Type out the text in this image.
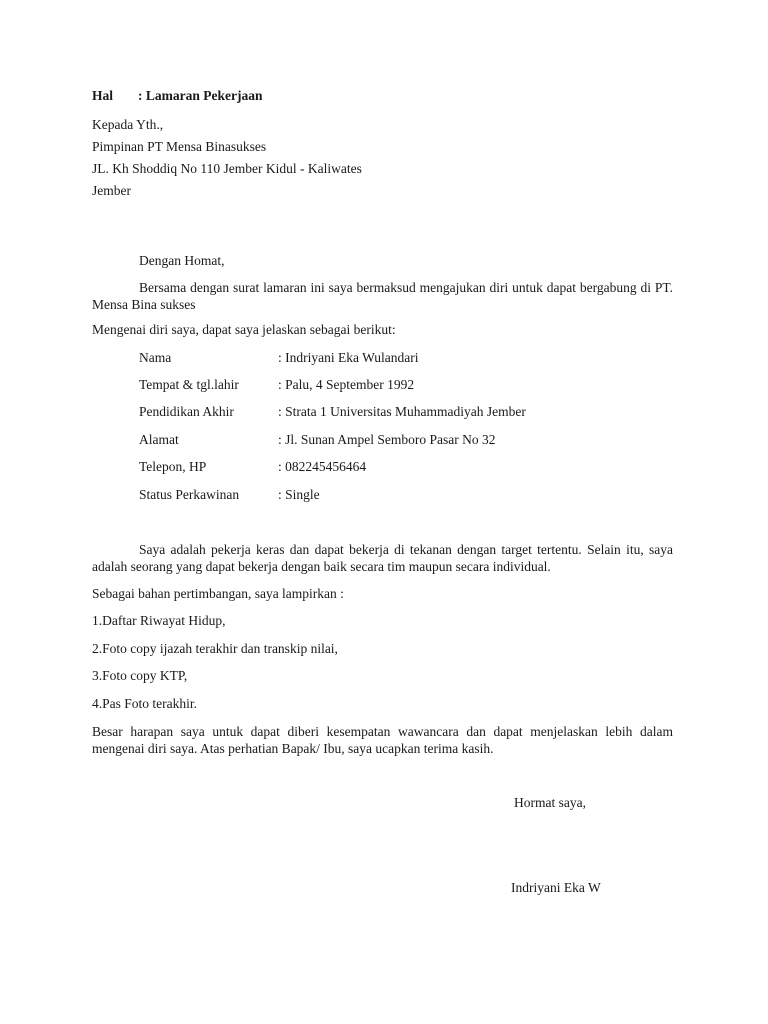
Hal : Lamaran Pekerjaan
Kepada Yth.,
Pimpinan PT Mensa Binasukses
JL. Kh Shoddiq No 110 Jember Kidul - Kaliwates
Jember
Dengan Homat,
Bersama dengan surat lamaran ini saya bermaksud mengajukan diri untuk dapat bergabung di PT. Mensa Bina sukses
Mengenai diri saya, dapat saya jelaskan sebagai berikut:
Nama	: Indriyani Eka Wulandari
Tempat & tgl.lahir	: Palu, 4 September 1992
Pendidikan Akhir	: Strata 1 Universitas Muhammadiyah Jember
Alamat	: Jl. Sunan Ampel Semboro Pasar No 32
Telepon, HP	: 082245456464
Status Perkawinan	: Single
Saya adalah pekerja keras dan dapat bekerja di tekanan dengan target tertentu. Selain itu, saya adalah seorang yang dapat bekerja dengan baik secara tim maupun secara individual.
Sebagai bahan pertimbangan, saya lampirkan :
1.Daftar Riwayat Hidup,
2.Foto copy ijazah terakhir dan transkip nilai,
3.Foto copy KTP,
4.Pas Foto terakhir.
Besar harapan saya untuk dapat diberi kesempatan wawancara dan dapat menjelaskan lebih dalam mengenai diri saya. Atas perhatian Bapak/ Ibu, saya ucapkan terima kasih.
Hormat saya,
Indriyani Eka W
